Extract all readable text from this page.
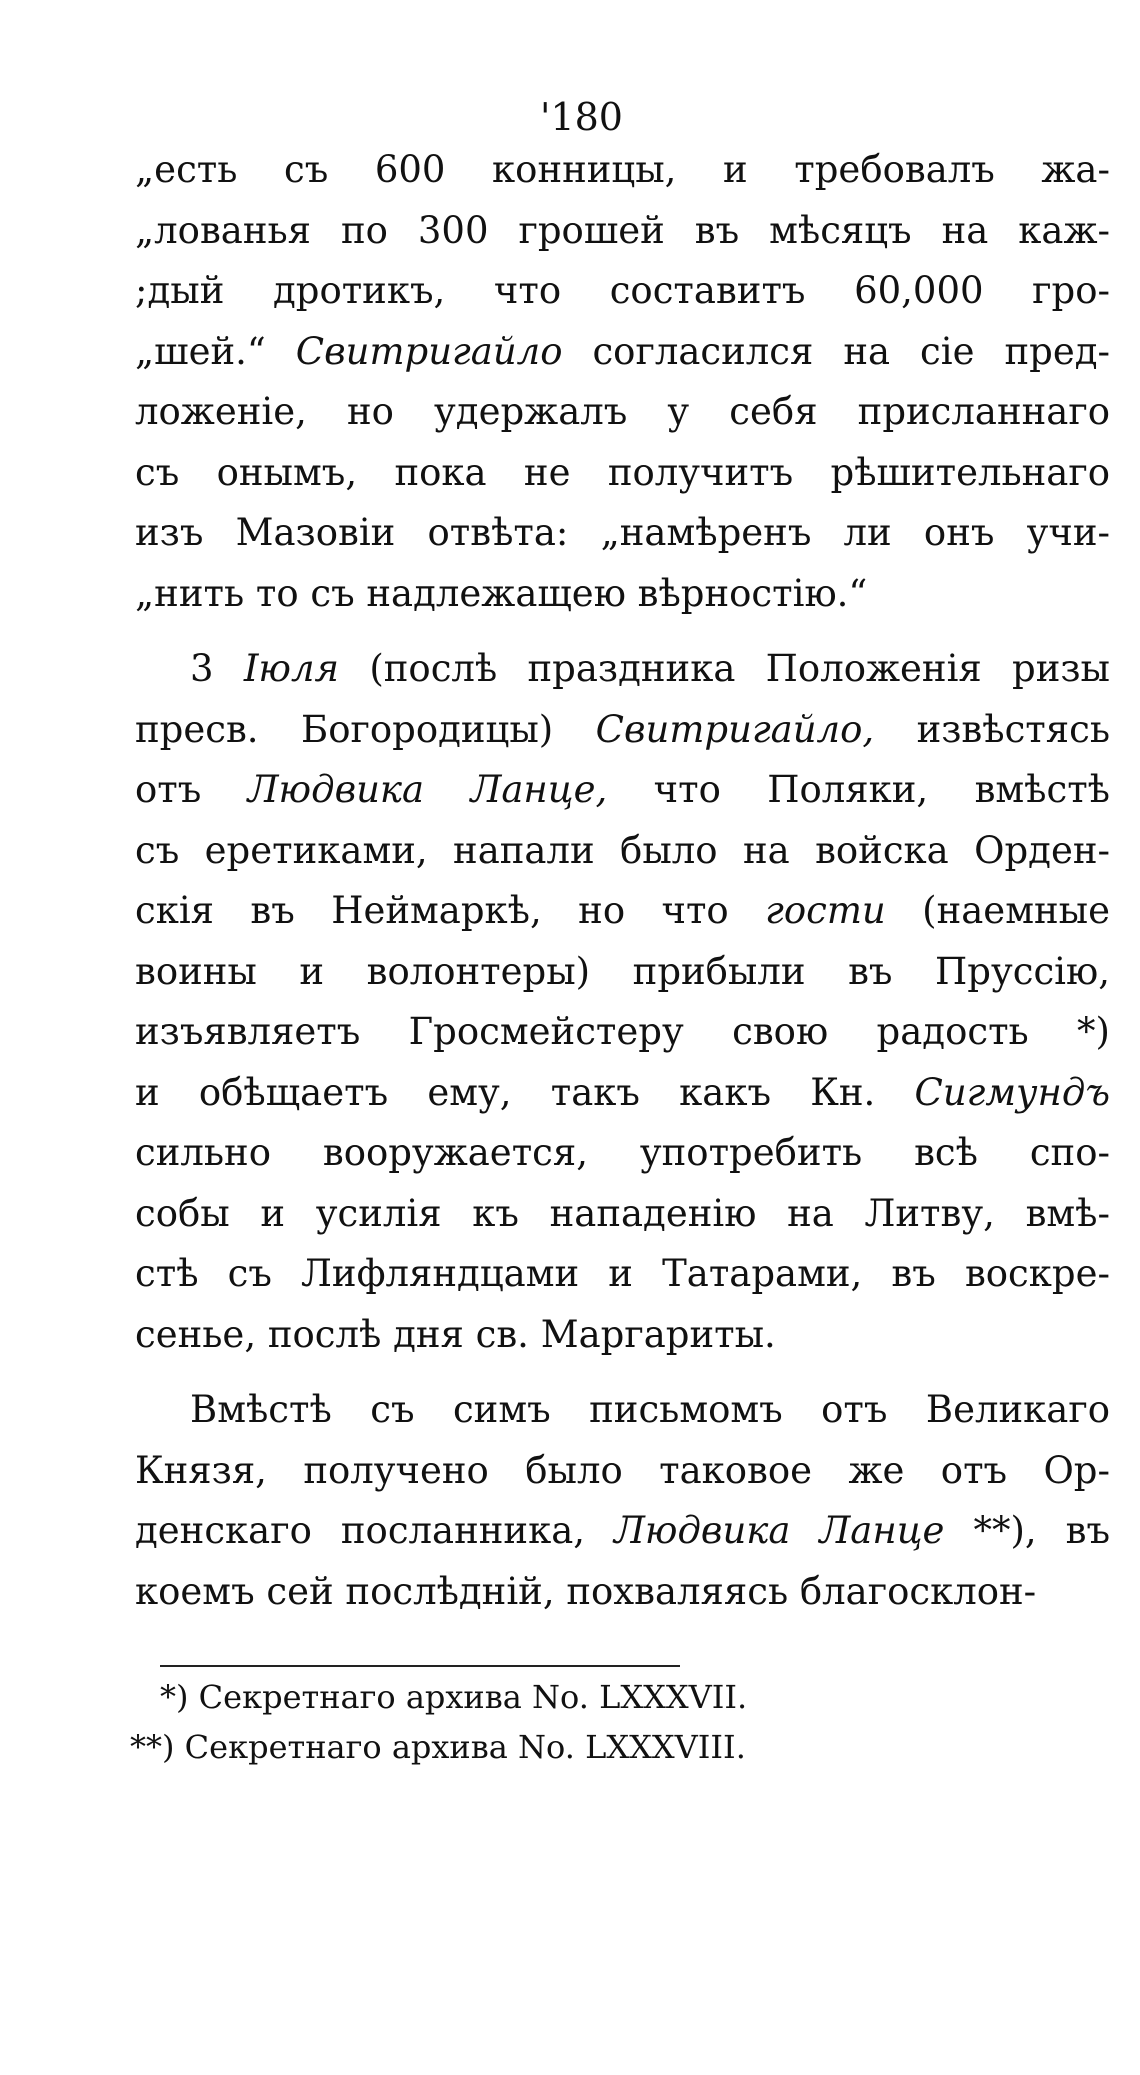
'180
„есть съ 600 конницы, и требовалъ жа-
„лованья по 300 грошей въ мѣсяцъ на каж-
;дый дротикъ, что составитъ 60,000 гро-
„шей.“ Свитригайло согласился на сіе пред-
ложеніе, но удержалъ у себя присланнаго
съ онымъ, пока не получитъ рѣшительнаго
изъ Мазовіи отвѣта: „намѣренъ ли онъ учи-
„нить то съ надлежащею вѣрностію.“
3 Іюля (послѣ праздника Положенія ризы
пресв. Богородицы) Свитригайло, извѣстясь
отъ Людвика Ланце, что Поляки, вмѣстѣ
съ еретиками, напали было на войска Орден-
скія въ Неймаркѣ, но что гости (наемные
воины и волонтеры) прибыли въ Пруссію,
изъявляетъ Гросмейстеру свою радость *)
и обѣщаетъ ему, такъ какъ Кн. Сигмундъ
сильно вооружается, употребить всѣ спо-
собы и усилія къ нападенію на Литву, вмѣ-
стѣ съ Лифляндцами и Татарами, въ воскре-
сенье, послѣ дня св. Маргариты.
Вмѣстѣ съ симъ письмомъ отъ Великаго
Князя, получено было таковое же отъ Ор-
денскаго посланника, Людвика Ланце **), въ
коемъ сей послѣдній, похваляясь благосклон-
*) Секретнаго архива No. LXXXVII.
**) Секретнаго архива No. LXXXVIII.
